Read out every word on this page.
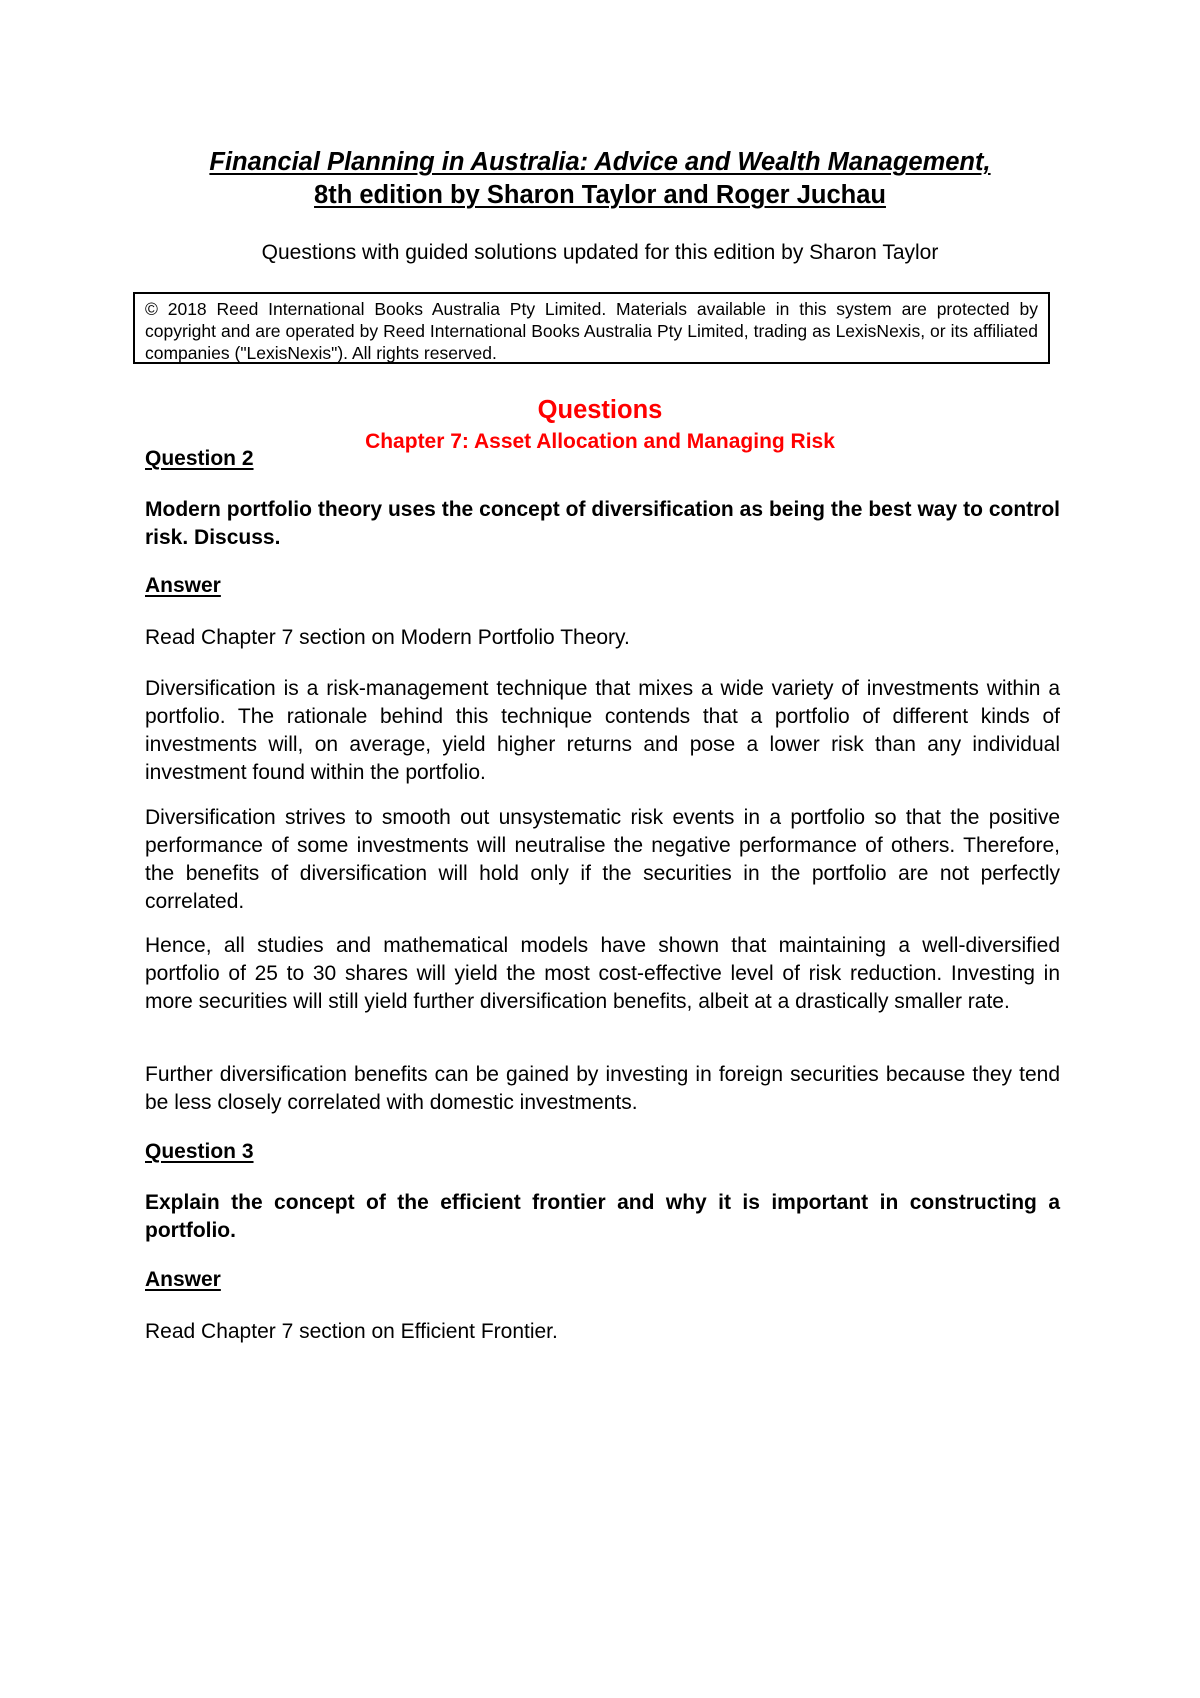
Financial Planning in Australia: Advice and Wealth Management,
8th edition by Sharon Taylor and Roger Juchau
Questions with guided solutions updated for this edition by Sharon Taylor
© 2018 Reed International Books Australia Pty Limited. Materials available in this system are protected by copyright and are operated by Reed International Books Australia Pty Limited, trading as LexisNexis, or its affiliated companies ("LexisNexis"). All rights reserved.
Questions
Chapter 7: Asset Allocation and Managing Risk

Question 2

Modern portfolio theory uses the concept of diversification as being the best way to control risk. Discuss.

Answer

Read Chapter 7 section on Modern Portfolio Theory.

Diversification is a risk-management technique that mixes a wide variety of investments within a portfolio. The rationale behind this technique contends that a portfolio of different kinds of investments will, on average, yield higher returns and pose a lower risk than any individual investment found within the portfolio.

Diversification strives to smooth out unsystematic risk events in a portfolio so that the positive performance of some investments will neutralise the negative performance of others. Therefore, the benefits of diversification will hold only if the securities in the portfolio are not perfectly correlated.

Hence, all studies and mathematical models have shown that maintaining a well-diversified portfolio of 25 to 30 shares will yield the most cost-effective level of risk reduction. Investing in more securities will still yield further diversification benefits, albeit at a drastically smaller rate.

Further diversification benefits can be gained by investing in foreign securities because they tend be less closely correlated with domestic investments.

Question 3

Explain the concept of the efficient frontier and why it is important in constructing a portfolio.

Answer

Read Chapter 7 section on Efficient Frontier.
